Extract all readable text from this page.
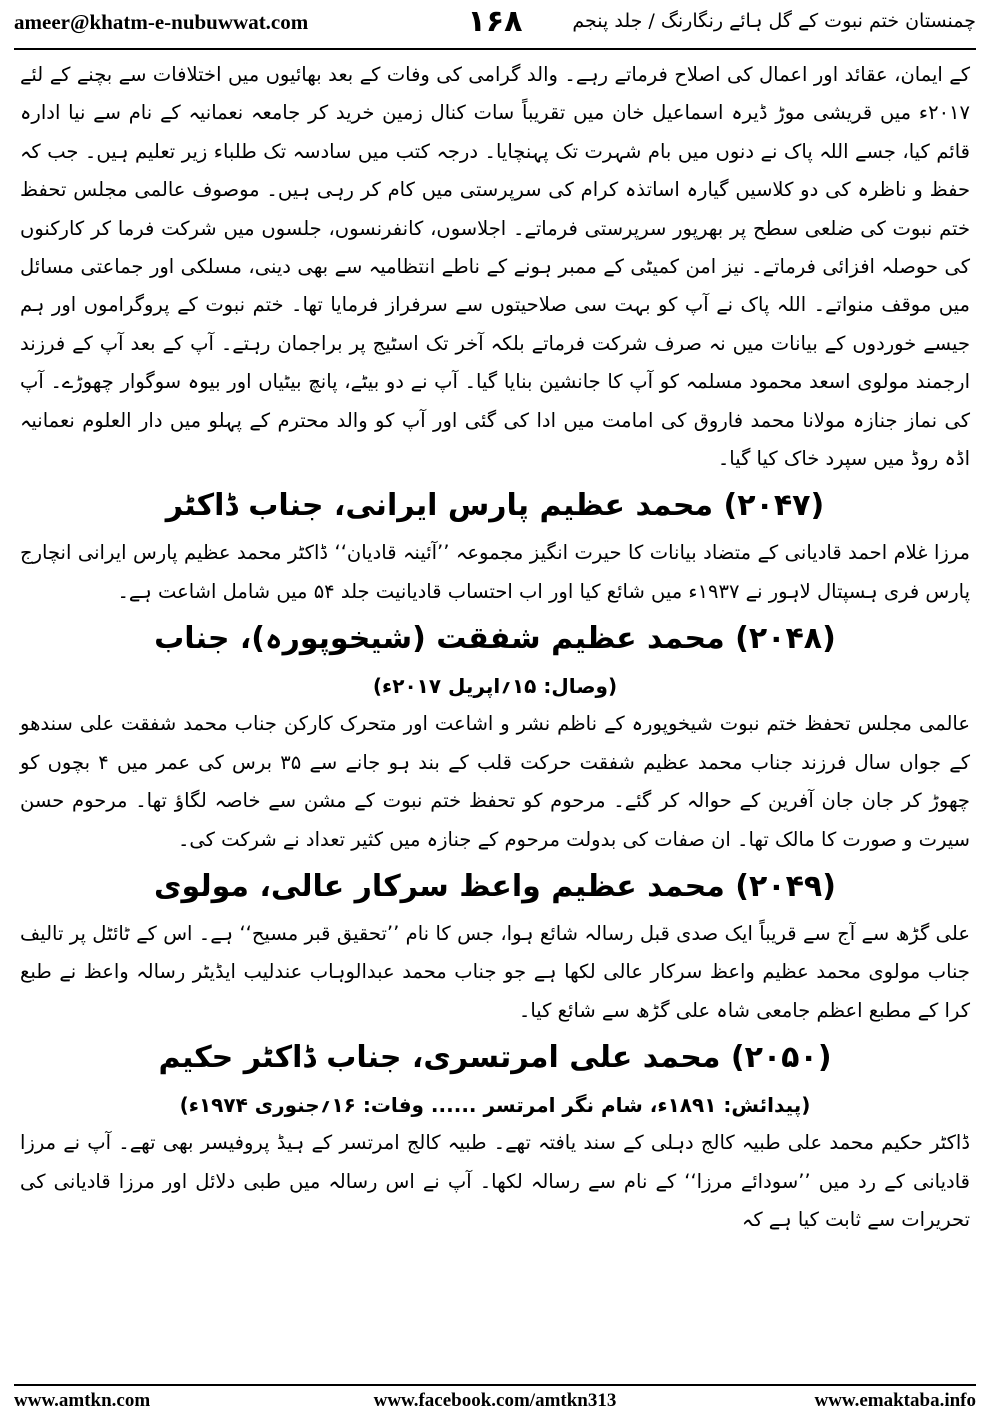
ameer@khatm-e-nubuwwat.com	۱۶۸	چمنستان ختم نبوت کے گل ہائے رنگارنگ / جلد پنجم

کے ایمان، عقائد اور اعمال کی اصلاح فرماتے رہے۔ والد گرامی کی وفات کے بعد بھائیوں میں اختلافات سے بچنے کے لئے ۲۰۱۷ء میں قریشی موڑ ڈیرہ اسماعیل خان میں تقریباً سات کنال زمین خرید کر جامعہ نعمانیہ کے نام سے نیا ادارہ قائم کیا، جسے اللہ پاک نے دنوں میں بام شہرت تک پہنچایا۔ درجہ کتب میں سادسہ تک طلباء زیر تعلیم ہیں۔ جب کہ حفظ و ناظرہ کی دو کلاسیں گیارہ اساتذہ کرام کی سرپرستی میں کام کر رہی ہیں۔ موصوف عالمی مجلس تحفظ ختم نبوت کی ضلعی سطح پر بھرپور سرپرستی فرماتے۔ اجلاسوں، کانفرنسوں، جلسوں میں شرکت فرما کر کارکنوں کی حوصلہ افزائی فرماتے۔ نیز امن کمیٹی کے ممبر ہونے کے ناطے انتظامیہ سے بھی دینی، مسلکی اور جماعتی مسائل میں موقف منواتے۔ اللہ پاک نے آپ کو بہت سی صلاحیتوں سے سرفراز فرمایا تھا۔ ختم نبوت کے پروگراموں اور ہم جیسے خوردوں کے بیانات میں نہ صرف شرکت فرماتے بلکہ آخر تک اسٹیج پر براجمان رہتے۔ آپ کے بعد آپ کے فرزند ارجمند مولوی اسعد محمود مسلمہ کو آپ کا جانشین بنایا گیا۔ آپ نے دو بیٹے، پانچ بیٹیاں اور بیوہ سوگوار چھوڑے۔ آپ کی نماز جنازہ مولانا محمد فاروق کی امامت میں ادا کی گئی اور آپ کو والد محترم کے پہلو میں دار العلوم نعمانیہ اڈہ روڈ میں سپرد خاک کیا گیا۔

(۲۰۴۷) محمد عظیم پارس ایرانی، جناب ڈاکٹر

مرزا غلام احمد قادیانی کے متضاد بیانات کا حیرت انگیز مجموعہ ’’آئینہ قادیان‘‘ ڈاکٹر محمد عظیم پارس ایرانی انچارج پارس فری ہسپتال لاہور نے ۱۹۳۷ء میں شائع کیا اور اب احتساب قادیانیت جلد ۵۴ میں شامل اشاعت ہے۔

(۲۰۴۸) محمد عظیم شفقت (شیخوپورہ)، جناب

(وصال: ۱۵؍اپریل ۲۰۱۷ء)

عالمی مجلس تحفظ ختم نبوت شیخوپورہ کے ناظم نشر و اشاعت اور متحرک کارکن جناب محمد شفقت علی سندھو کے جواں سال فرزند جناب محمد عظیم شفقت حرکت قلب کے بند ہو جانے سے ۳۵ برس کی عمر میں ۴ بچوں کو چھوڑ کر جان جان آفرین کے حوالہ کر گئے۔ مرحوم کو تحفظ ختم نبوت کے مشن سے خاصہ لگاؤ تھا۔ مرحوم حسن سیرت و صورت کا مالک تھا۔ ان صفات کی بدولت مرحوم کے جنازہ میں کثیر تعداد نے شرکت کی۔

(۲۰۴۹) محمد عظیم واعظ سرکار عالی، مولوی

علی گڑھ سے آج سے قریباً ایک صدی قبل رسالہ شائع ہوا، جس کا نام ’’تحقیق قبر مسیح‘‘ ہے۔ اس کے ٹائٹل پر تالیف جناب مولوی محمد عظیم واعظ سرکار عالی لکھا ہے جو جناب محمد عبدالوہاب عندلیب ایڈیٹر رسالہ واعظ نے طبع کرا کے مطبع اعظم جامعی شاہ علی گڑھ سے شائع کیا۔

(۲۰۵۰) محمد علی امرتسری، جناب ڈاکٹر حکیم

(پیدائش: ۱۸۹۱ء، شام نگر امرتسر ...... وفات: ۱۶؍جنوری ۱۹۷۴ء)

ڈاکٹر حکیم محمد علی طبیہ کالج دہلی کے سند یافتہ تھے۔ طبیہ کالج امرتسر کے ہیڈ پروفیسر بھی تھے۔ آپ نے مرزا قادیانی کے رد میں ’’سودائے مرزا‘‘ کے نام سے رسالہ لکھا۔ آپ نے اس رسالہ میں طبی دلائل اور مرزا قادیانی کی تحریرات سے ثابت کیا ہے کہ

www.amtkn.com	www.facebook.com/amtkn313	www.emaktaba.info
